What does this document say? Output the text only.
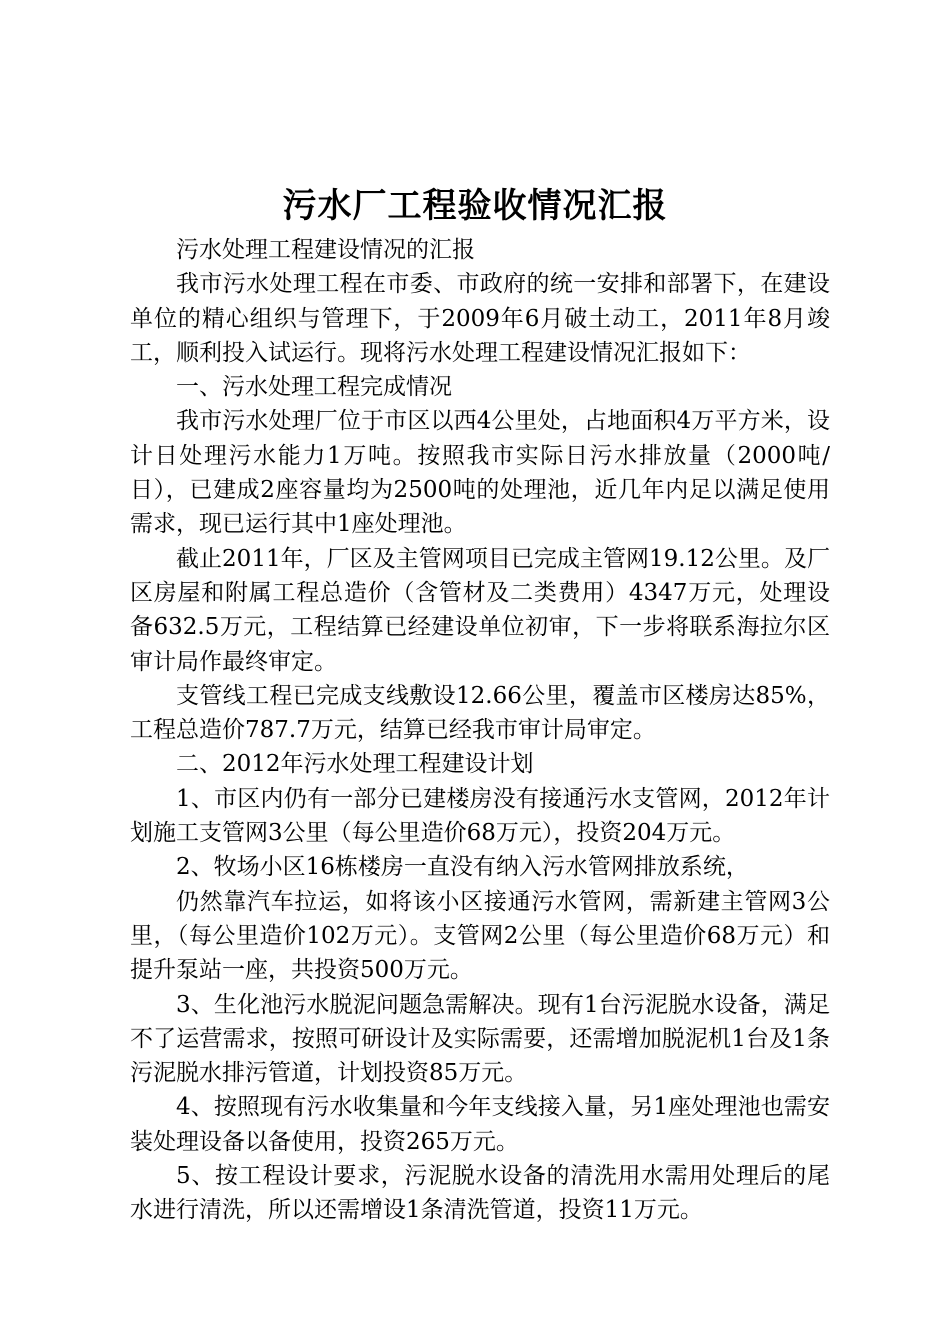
污水厂工程验收情况汇报

污水处理工程建设情况的汇报

我市污水处理工程在市委、市政府的统一安排和部署下，在建设单位的精心组织与管理下，于2009年6月破土动工，2011年8月竣工，顺利投入试运行。现将污水处理工程建设情况汇报如下：

一、污水处理工程完成情况

我市污水处理厂位于市区以西4公里处，占地面积4万平方米，设计日处理污水能力1万吨。按照我市实际日污水排放量（2000吨/日），已建成2座容量均为2500吨的处理池，近几年内足以满足使用需求，现已运行其中1座处理池。

截止2011年，厂区及主管网项目已完成主管网19.12公里。及厂区房屋和附属工程总造价（含管材及二类费用）4347万元，处理设备632.5万元，工程结算已经建设单位初审，下一步将联系海拉尔区审计局作最终审定。

支管线工程已完成支线敷设12.66公里，覆盖市区楼房达85%，工程总造价787.7万元，结算已经我市审计局审定。

二、2012年污水处理工程建设计划

1、市区内仍有一部分已建楼房没有接通污水支管网，2012年计划施工支管网3公里（每公里造价68万元），投资204万元。

2、牧场小区16栋楼房一直没有纳入污水管网排放系统，

仍然靠汽车拉运，如将该小区接通污水管网，需新建主管网3公里，（每公里造价102万元）。支管网2公里（每公里造价68万元）和提升泵站一座，共投资500万元。

3、生化池污水脱泥问题急需解决。现有1台污泥脱水设备，满足不了运营需求，按照可研设计及实际需要，还需增加脱泥机1台及1条污泥脱水排污管道，计划投资85万元。

4、按照现有污水收集量和今年支线接入量，另1座处理池也需安装处理设备以备使用，投资265万元。

5、按工程设计要求，污泥脱水设备的清洗用水需用处理后的尾水进行清洗，所以还需增设1条清洗管道，投资11万元。
